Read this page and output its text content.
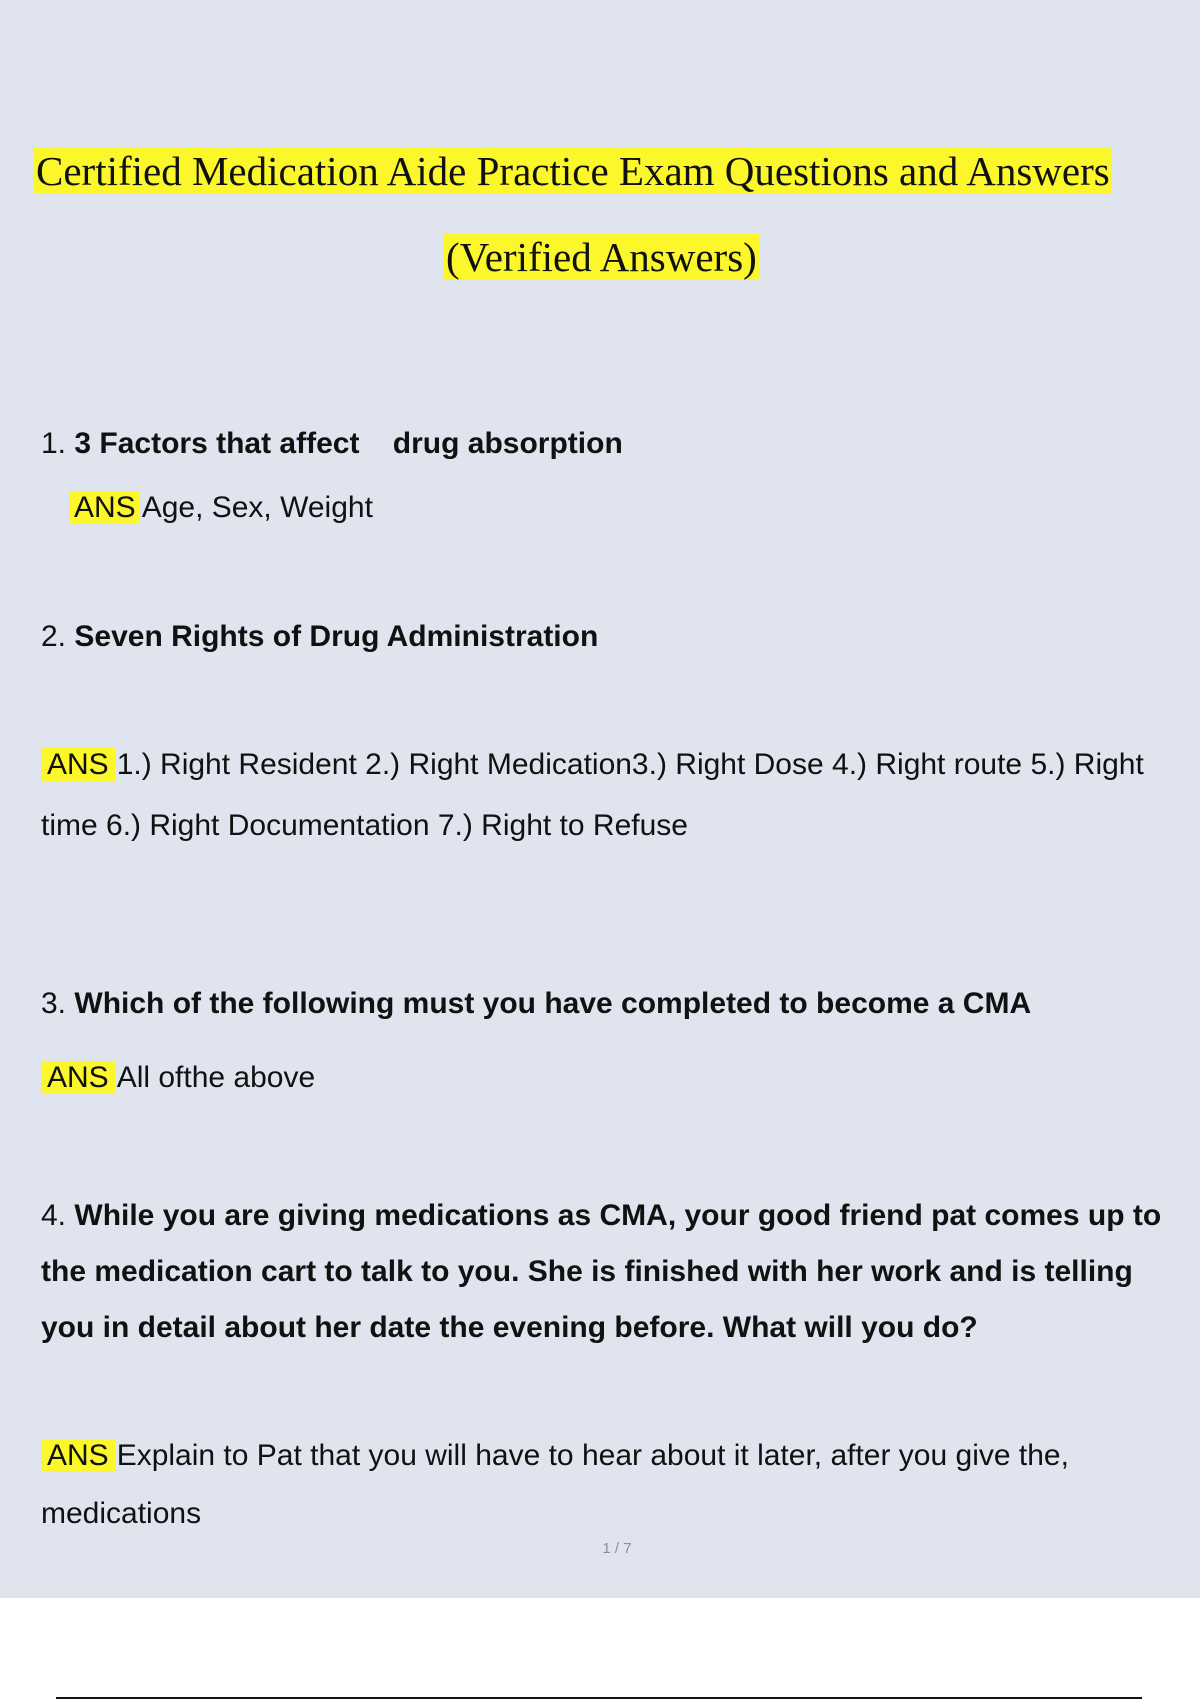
Certified Medication Aide Practice Exam Questions and Answers
(Verified Answers)
1. 3 Factors that affect    drug absorption
ANS Age, Sex, Weight
2. Seven Rights of Drug Administration
ANS 1.) Right Resident 2.) Right Medication3.) Right Dose 4.) Right route 5.) Right time 6.) Right Documentation 7.) Right to Refuse
3. Which of the following must you have completed to become a CMA
ANS All ofthe above
4. While you are giving medications as CMA, your good friend pat comes up to the medication cart to talk to you. She is finished with her work and is telling you in detail about her date the evening before. What will you do?
ANS Explain to Pat that you will have to hear about it later, after you give the, medications
1 / 7
